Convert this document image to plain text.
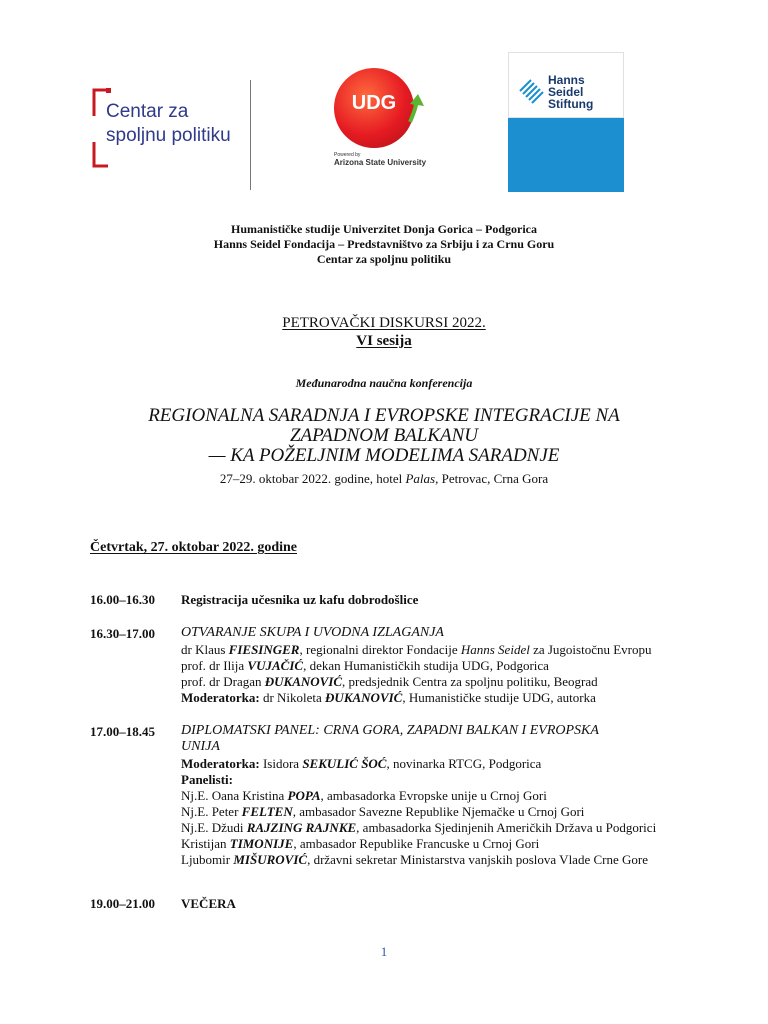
Centar za
spoljnu politiku
UDG
Powered by
Arizona State University
Hanns
Seidel
Stiftung
Humanističke studije Univerzitet Donja Gorica – Podgorica
Hanns Seidel Fondacija – Predstavništvo za Srbiju i za Crnu Goru
Centar za spoljnu politiku
PETROVAČKI DISKURSI 2022.
VI sesija
Međunarodna naučna konferencija
REGIONALNA SARADNJA I EVROPSKE INTEGRACIJE NA
ZAPADNOM BALKANU
— KA POŽELJNIM MODELIMA SARADNJE
27–29. oktobar 2022. godine, hotel Palas, Petrovac, Crna Gora
Četvrtak, 27. oktobar 2022. godine
16.00–16.30 Registracija učesnika uz kafu dobrodošlice
16.30–17.00 OTVARANJE SKUPA I UVODNA IZLAGANJA
dr Klaus FIESINGER, regionalni direktor Fondacije Hanns Seidel za Jugoistočnu Evropu
prof. dr Ilija VUJAČIĆ, dekan Humanističkih studija UDG, Podgorica
prof. dr Dragan ĐUKANOVIĆ, predsjednik Centra za spoljnu politiku, Beograd
Moderatorka: dr Nikoleta ĐUKANOVIĆ, Humanističke studije UDG, autorka
17.00–18.45 DIPLOMATSKI PANEL: CRNA GORA, ZAPADNI BALKAN I EVROPSKA
UNIJA
Moderatorka: Isidora SEKULIĆ ŠOĆ, novinarka RTCG, Podgorica
Panelisti:
Nj.E. Oana Kristina POPA, ambasadorka Evropske unije u Crnoj Gori
Nj.E. Peter FELTEN, ambasador Savezne Republike Njemačke u Crnoj Gori
Nj.E. Džudi RAJZING RAJNKE, ambasadorka Sjedinjenih Američkih Država u Podgorici
Kristijan TIMONIJE, ambasador Republike Francuske u Crnoj Gori
Ljubomir MIŠUROVIĆ, državni sekretar Ministarstva vanjskih poslova Vlade Crne Gore
19.00–21.00 VEČERA
1
